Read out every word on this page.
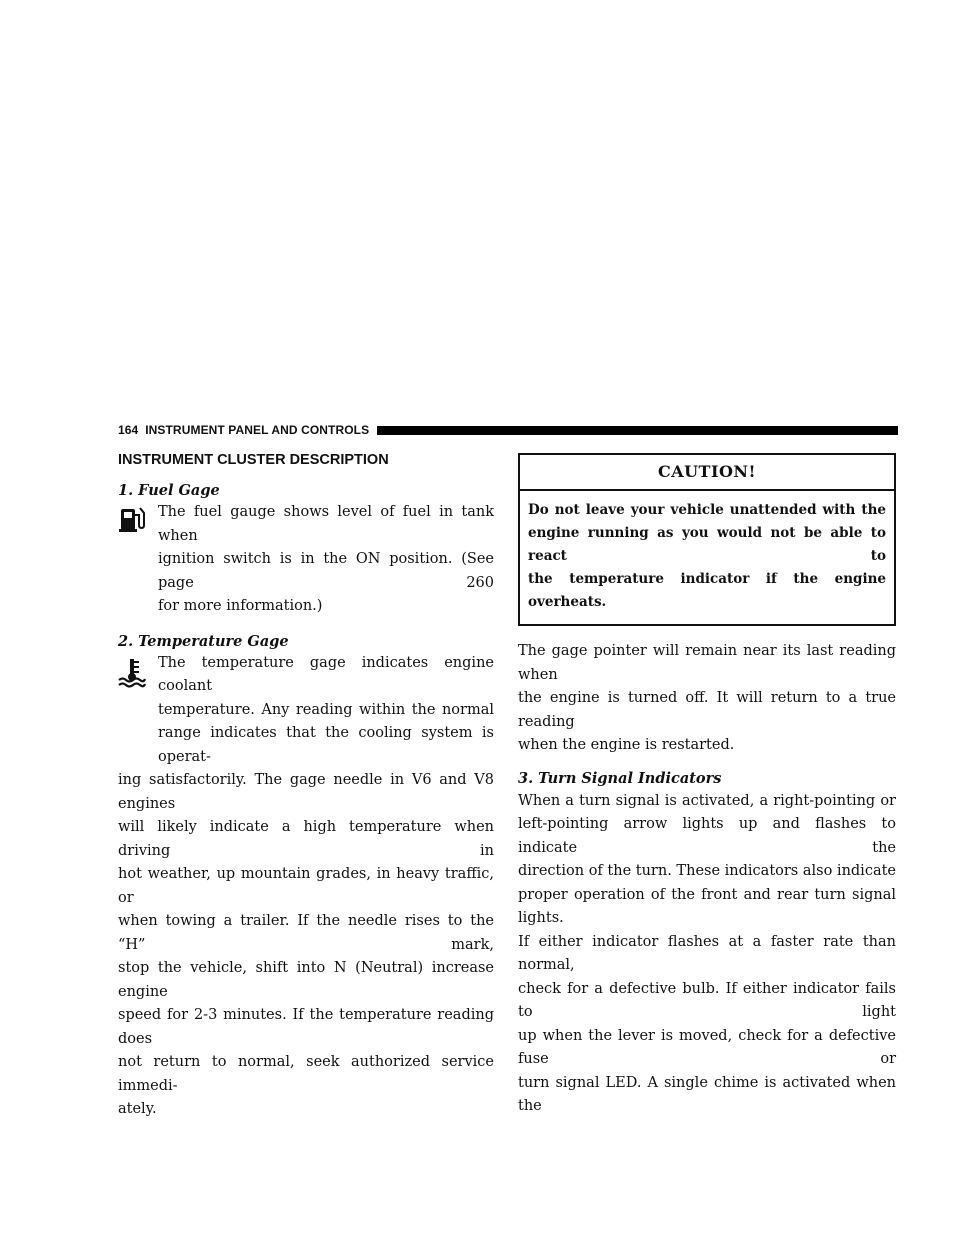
164 INSTRUMENT PANEL AND CONTROLS
INSTRUMENT CLUSTER DESCRIPTION

1. Fuel Gage

The fuel gauge shows level of fuel in tank when
ignition switch is in the ON position. (See page 260
for more information.)

2. Temperature Gage

The temperature gage indicates engine coolant
temperature. Any reading within the normal
range indicates that the cooling system is operat-
ing satisfactorily. The gage needle in V6 and V8 engines
will likely indicate a high temperature when driving in
hot weather, up mountain grades, in heavy traffic, or
when towing a trailer. If the needle rises to the “H” mark,
stop the vehicle, shift into N (Neutral) increase engine
speed for 2-3 minutes. If the temperature reading does
not return to normal, seek authorized service immedi-
ately.
CAUTION!
Do not leave your vehicle unattended with the
engine running as you would not be able to react to
the temperature indicator if the engine overheats.
The gage pointer will remain near its last reading when
the engine is turned off. It will return to a true reading
when the engine is restarted.

3. Turn Signal Indicators

When a turn signal is activated, a right-pointing or
left-pointing arrow lights up and flashes to indicate the
direction of the turn. These indicators also indicate
proper operation of the front and rear turn signal lights.
If either indicator flashes at a faster rate than normal,
check for a defective bulb. If either indicator fails to light
up when the lever is moved, check for a defective fuse or
turn signal LED. A single chime is activated when the
